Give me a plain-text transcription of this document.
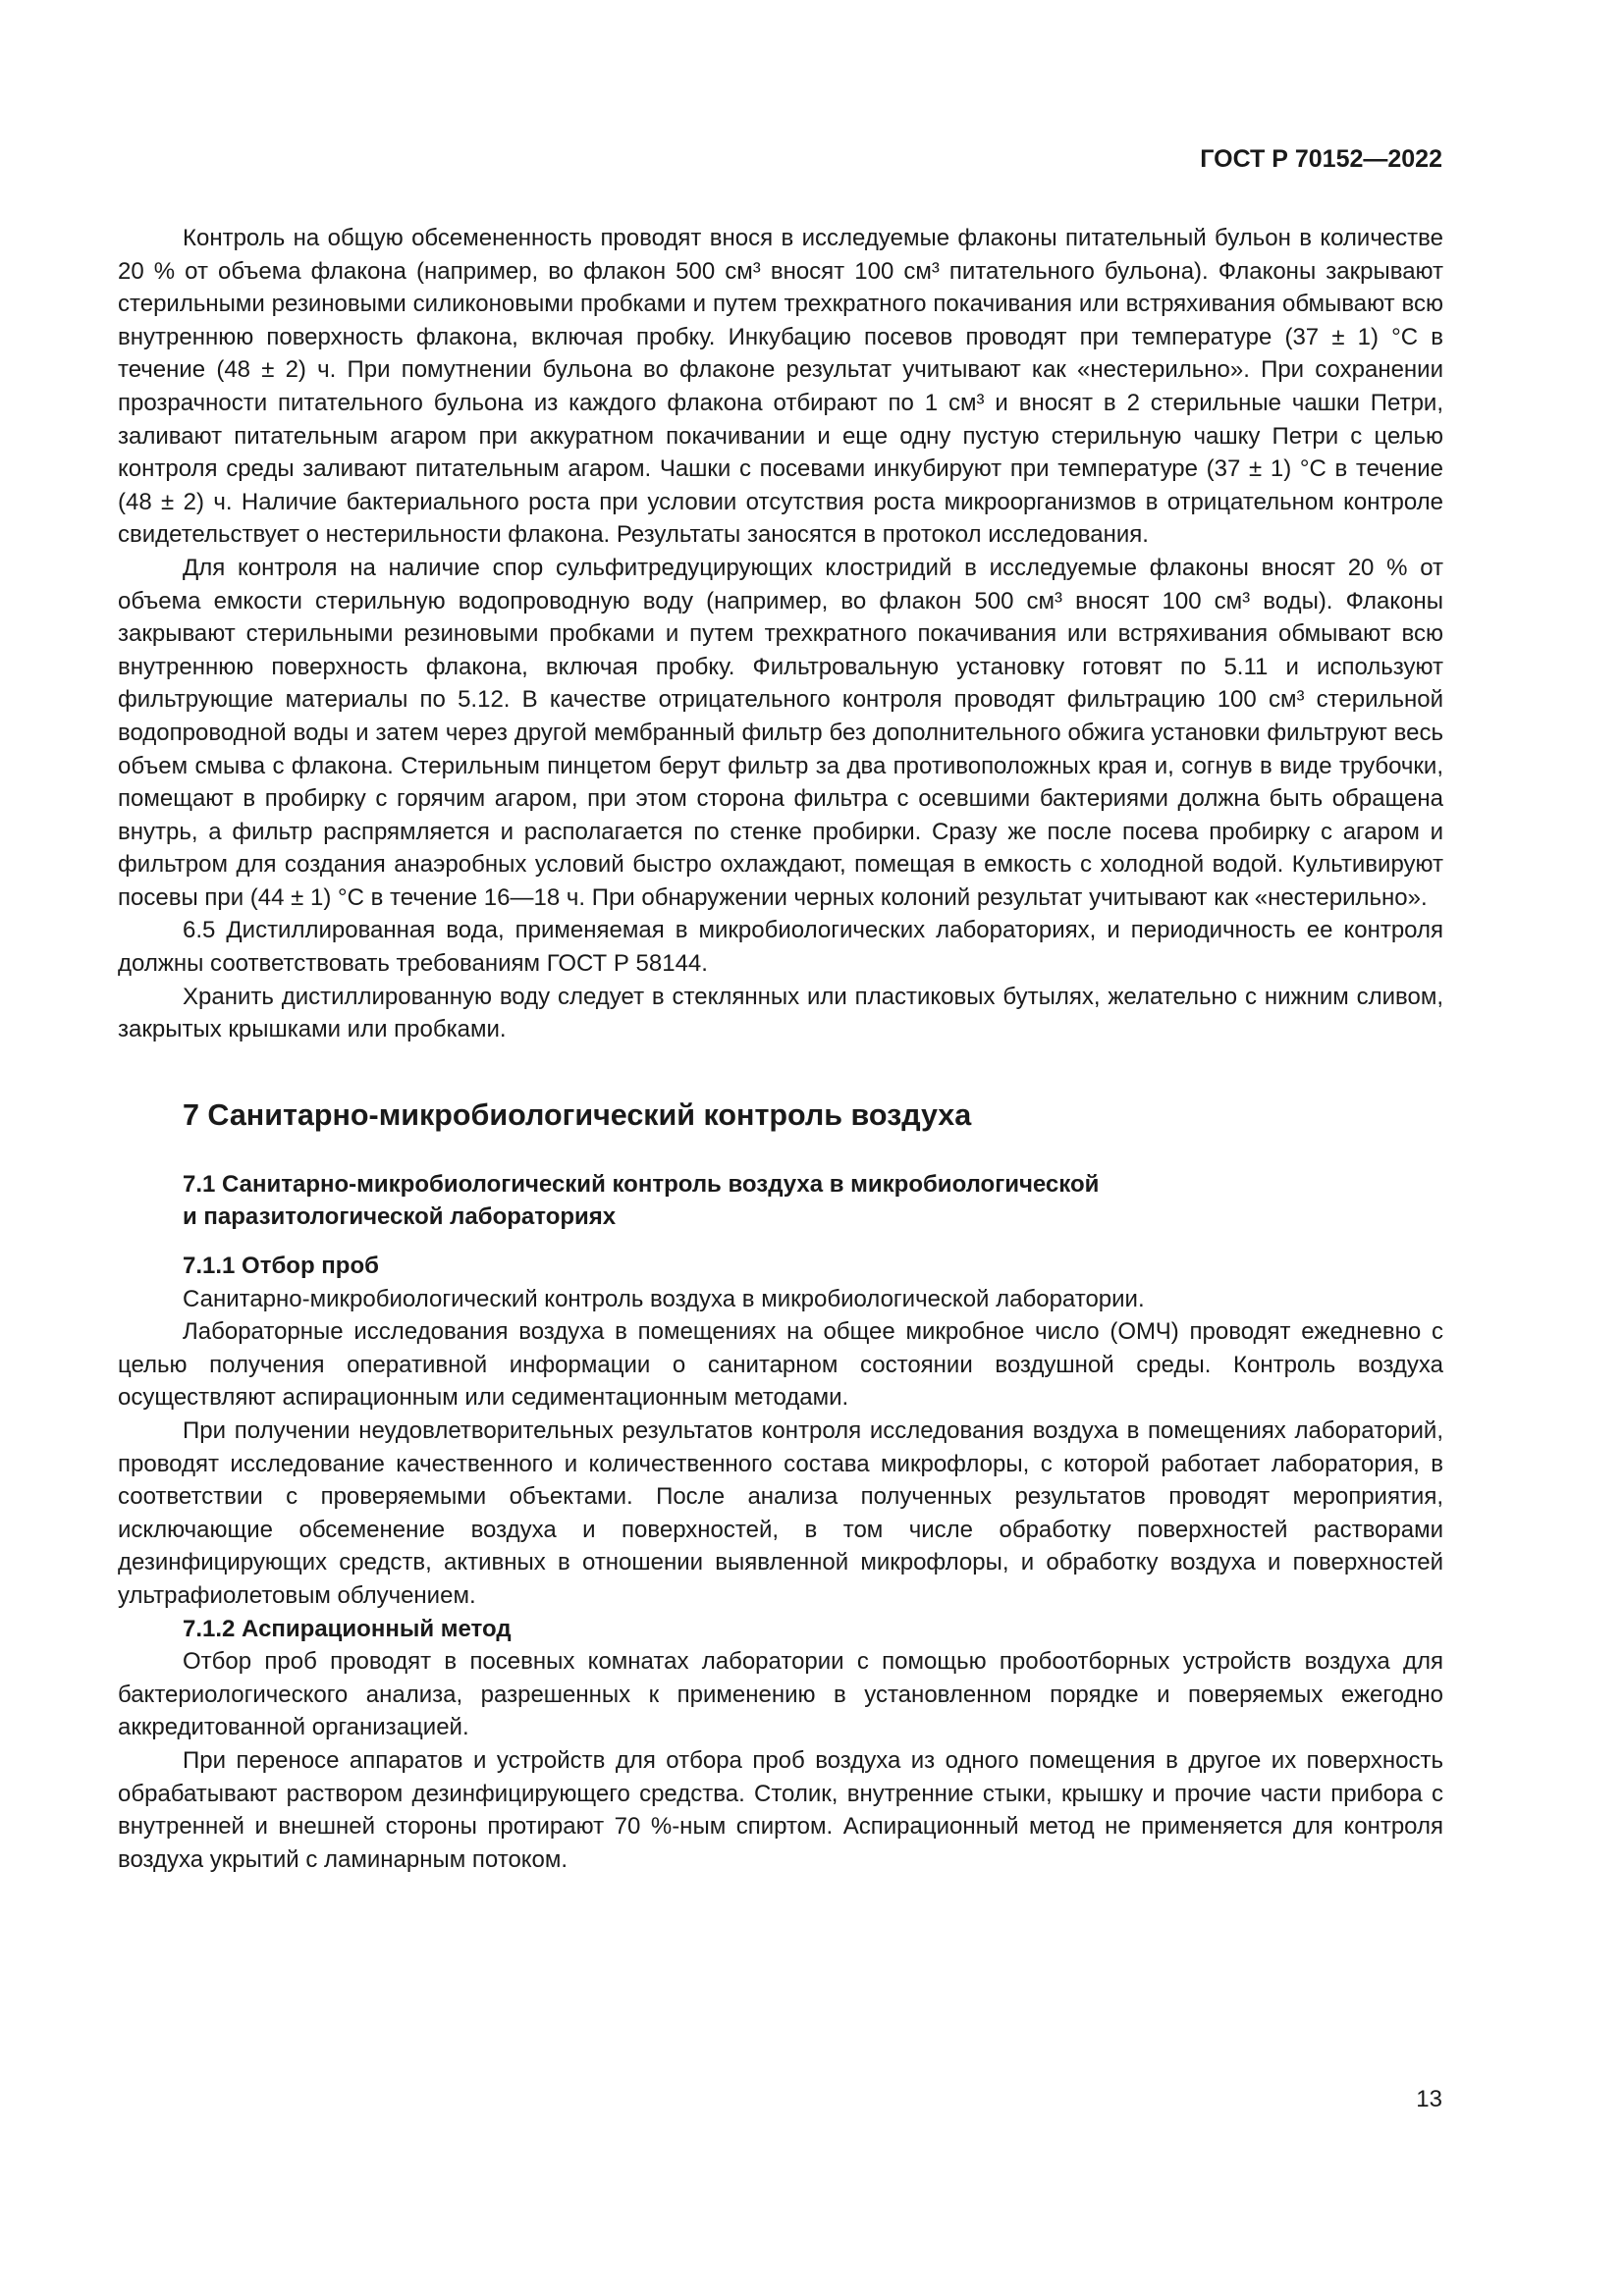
ГОСТ Р 70152—2022

Контроль на общую обсемененность проводят внося в исследуемые флаконы питательный бульон в количестве 20 % от объема флакона (например, во флакон 500 см³ вносят 100 см³ питательного бульона). Флаконы закрывают стерильными резиновыми силиконовыми пробками и путем трехкратного покачивания или встряхивания обмывают всю внутреннюю поверхность флакона, включая пробку. Инкубацию посевов проводят при температуре (37 ± 1) °С в течение (48 ± 2) ч. При помутнении бульона во флаконе результат учитывают как «нестерильно». При сохранении прозрачности питательного бульона из каждого флакона отбирают по 1 см³ и вносят в 2 стерильные чашки Петри, заливают питательным агаром при аккуратном покачивании и еще одну пустую стерильную чашку Петри с целью контроля среды заливают питательным агаром. Чашки с посевами инкубируют при температуре (37 ± 1) °С в течение (48 ± 2) ч. Наличие бактериального роста при условии отсутствия роста микроорганизмов в отрицательном контроле свидетельствует о нестерильности флакона. Результаты заносятся в протокол исследования.

Для контроля на наличие спор сульфитредуцирующих клостридий в исследуемые флаконы вносят 20 % от объема емкости стерильную водопроводную воду (например, во флакон 500 см³ вносят 100 см³ воды). Флаконы закрывают стерильными резиновыми пробками и путем трехкратного покачивания или встряхивания обмывают всю внутреннюю поверхность флакона, включая пробку. Фильтровальную установку готовят по 5.11 и используют фильтрующие материалы по 5.12. В качестве отрицательного контроля проводят фильтрацию 100 см³ стерильной водопроводной воды и затем через другой мембранный фильтр без дополнительного обжига установки фильтруют весь объем смыва с флакона. Стерильным пинцетом берут фильтр за два противоположных края и, согнув в виде трубочки, помещают в пробирку с горячим агаром, при этом сторона фильтра с осевшими бактериями должна быть обращена внутрь, а фильтр распрямляется и располагается по стенке пробирки. Сразу же после посева пробирку с агаром и фильтром для создания анаэробных условий быстро охлаждают, помещая в емкость с холодной водой. Культивируют посевы при (44 ± 1) °С в течение 16—18 ч. При обнаружении черных колоний результат учитывают как «нестерильно».

6.5 Дистиллированная вода, применяемая в микробиологических лабораториях, и периодичность ее контроля должны соответствовать требованиям ГОСТ Р 58144.

Хранить дистиллированную воду следует в стеклянных или пластиковых бутылях, желательно с нижним сливом, закрытых крышками или пробками.

7 Санитарно-микробиологический контроль воздуха
7.1 Санитарно-микробиологический контроль воздуха в микробиологической
и паразитологической лабораториях
7.1.1 Отбор проб

Санитарно-микробиологический контроль воздуха в микробиологической лаборатории.

Лабораторные исследования воздуха в помещениях на общее микробное число (ОМЧ) проводят ежедневно с целью получения оперативной информации о санитарном состоянии воздушной среды. Контроль воздуха осуществляют аспирационным или седиментационным методами.

При получении неудовлетворительных результатов контроля исследования воздуха в помещениях лабораторий, проводят исследование качественного и количественного состава микрофлоры, с которой работает лаборатория, в соответствии с проверяемыми объектами. После анализа полученных результатов проводят мероприятия, исключающие обсеменение воздуха и поверхностей, в том числе обработку поверхностей растворами дезинфицирующих средств, активных в отношении выявленной микрофлоры, и обработку воздуха и поверхностей ультрафиолетовым облучением.

7.1.2 Аспирационный метод

Отбор проб проводят в посевных комнатах лаборатории с помощью пробоотборных устройств воздуха для бактериологического анализа, разрешенных к применению в установленном порядке и поверяемых ежегодно аккредитованной организацией.

При переносе аппаратов и устройств для отбора проб воздуха из одного помещения в другое их поверхность обрабатывают раствором дезинфицирующего средства. Столик, внутренние стыки, крышку и прочие части прибора с внутренней и внешней стороны протирают 70 %-ным спиртом. Аспирационный метод не применяется для контроля воздуха укрытий с ламинарным потоком.

13
